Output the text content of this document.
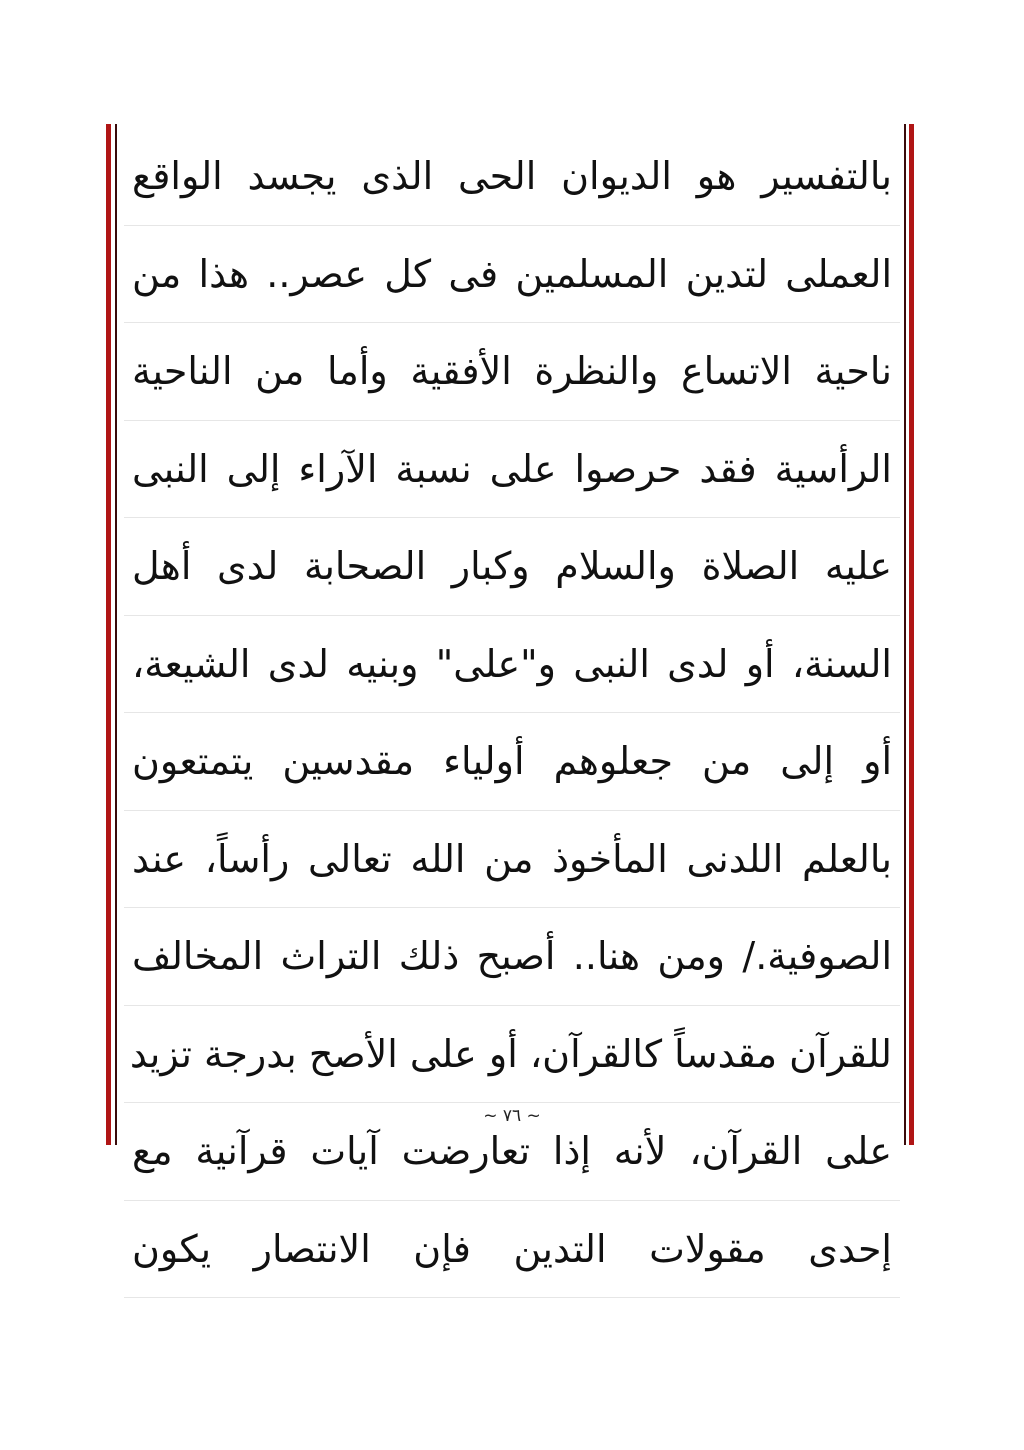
بالتفسير هو الديوان الحى الذى يجسد الواقع
العملى لتدين المسلمين فى كل عصر.. هذا من
ناحية الاتساع والنظرة الأفقية وأما من الناحية
الرأسية فقد حرصوا على نسبة الآراء إلى النبى
عليه الصلاة والسلام وكبار الصحابة لدى أهل
السنة، أو لدى النبى و"على" وبنيه لدى الشيعة،
أو إلى من جعلوهم أولياء مقدسين يتمتعون
بالعلم اللدنى المأخوذ من الله تعالى رأساً، عند
الصوفية./ ومن هنا.. أصبح ذلك التراث المخالف
للقرآن مقدساً كالقرآن، أو على الأصح بدرجة تزيد
على القرآن، لأنه إذا تعارضت آيات قرآنية مع
إحدى مقولات التدين فإن الانتصار يكون
~ ٧٦ ~
